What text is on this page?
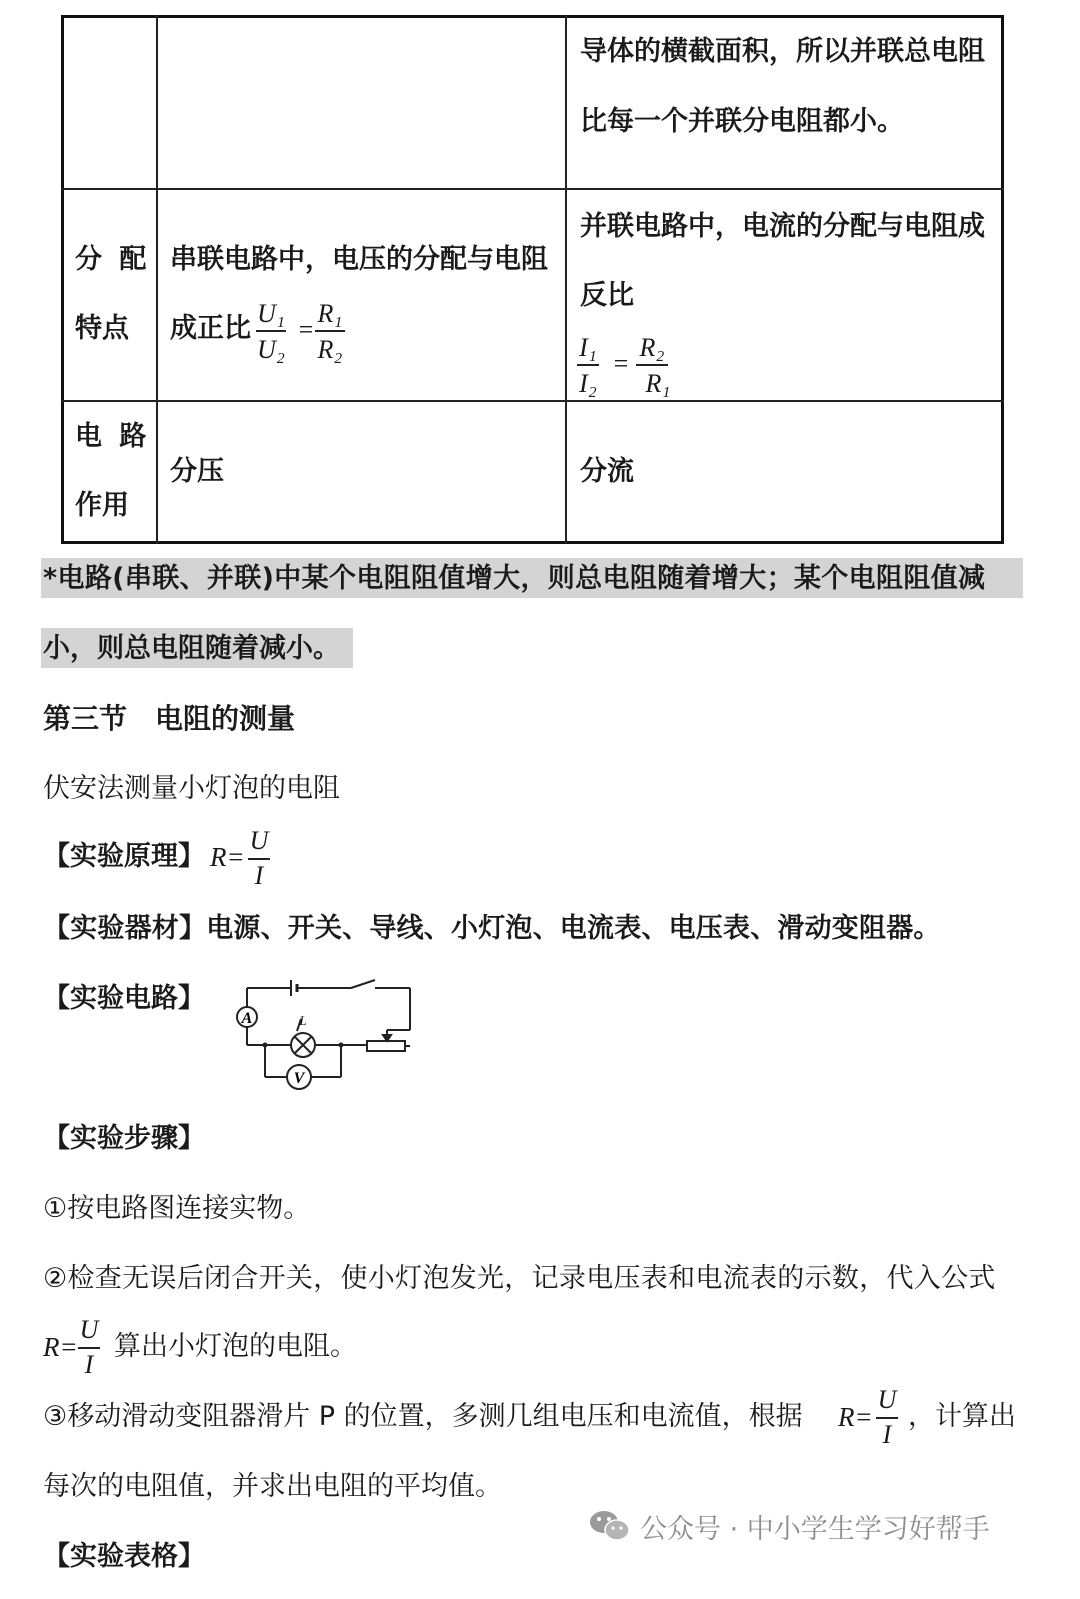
导体的横截面积，所以并联总电阻
比每一个并联分电阻都小。
分 配
特点
串联电路中，电压的分配与电阻
成正比 U₁
U₂
=
R₁
R₂
并联电路中，电流的分配与电阻成
反比
I₁
I₂
=
R₂
R₁
电 路
作用
分压	分流
*电路(串联、并联)中某个电阻阻值增大，则总电阻随着增大；某个电阻阻值减
小，则总电阻随着减小。
第三节　电阻的测量
伏安法测量小灯泡的电阻
【实验原理】 R=
U
I
【实验器材】电源、开关、导线、小灯泡、电流表、电压表、滑动变阻器。
【实验电路】
A
V
L
【实验步骤】
①按电路图连接实物。
②检查无误后闭合开关，使小灯泡发光，记录电压表和电流表的示数，代入公式
R=
U
I
算出小灯泡的电阻。
③移动滑动变阻器滑片 P 的位置，多测几组电压和电流值，根据 R=
U
I
，计算出
每次的电阻值，并求出电阻的平均值。
【实验表格】
公众号 · 中小学生学习好帮手
